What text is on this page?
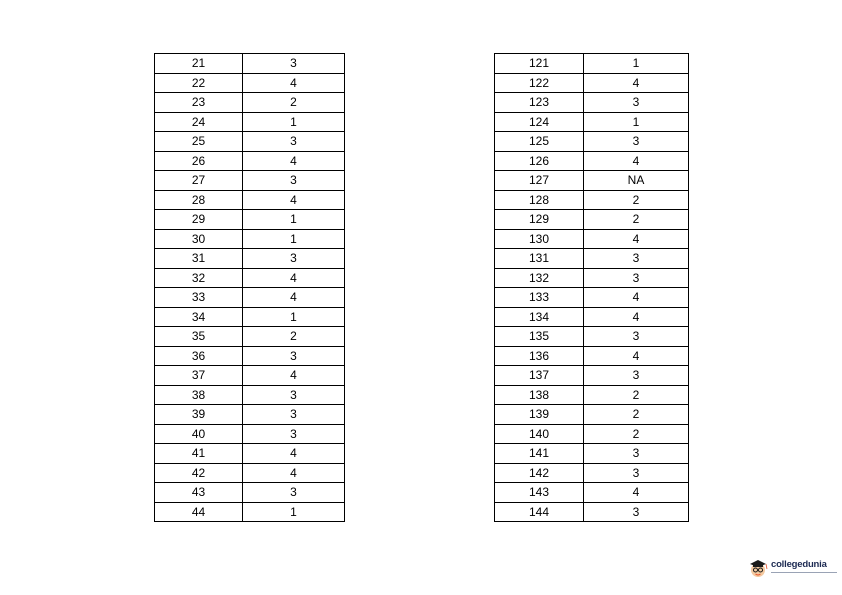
21	3
22	4
23	2
24	1
25	3
26	4
27	3
28	4
29	1
30	1
31	3
32	4
33	4
34	1
35	2
36	3
37	4
38	3
39	3
40	3
41	4
42	4
43	3
44	1
121	1
122	4
123	3
124	1
125	3
126	4
127	NA
128	2
129	2
130	4
131	3
132	3
133	4
134	4
135	3
136	4
137	3
138	2
139	2
140	2
141	3
142	3
143	4
144	3
collegedunia
